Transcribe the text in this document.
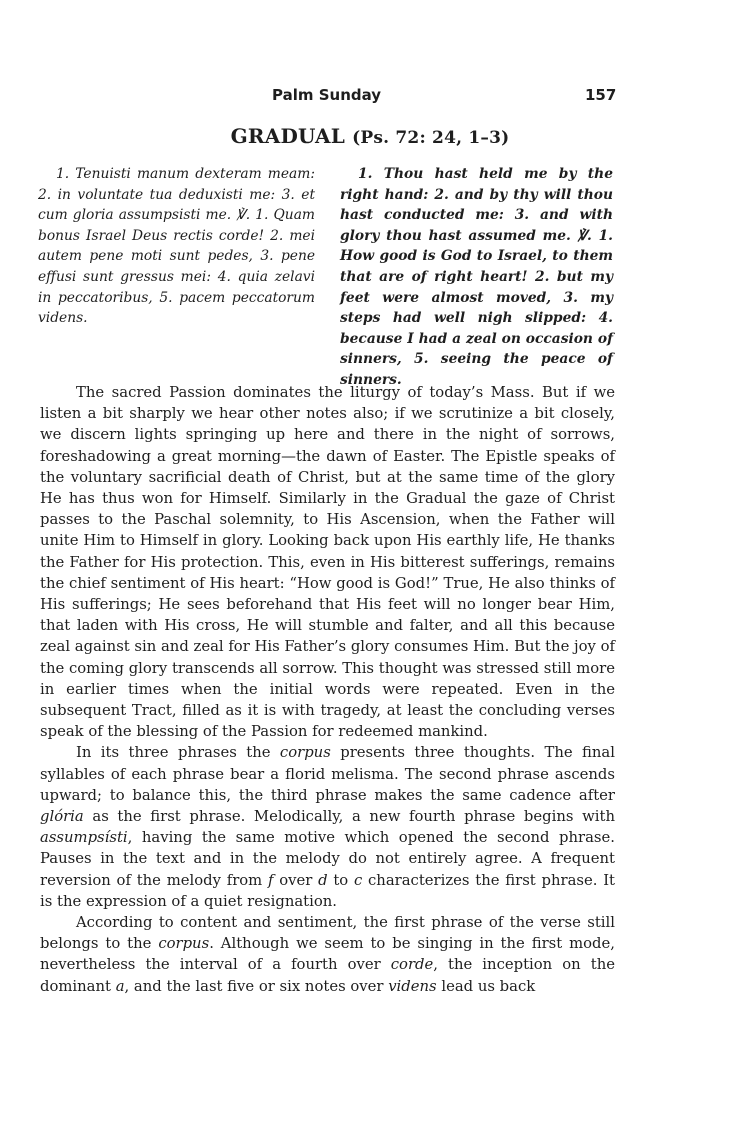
Palm Sunday	157
GRADUAL (Ps. 72: 24, 1–3)

1. Tenuisti manum dexteram meam: 2. in voluntate tua deduxisti me: 3. et cum gloria assumpsisti me. ℣. 1. Quam bonus Israel Deus rectis corde! 2. mei autem pene moti sunt pedes, 3. pene effusi sunt gressus mei: 4. quia zelavi in peccatoribus, 5. pacem peccatorum videns.

1. Thou hast held me by the right hand: 2. and by thy will thou hast conducted me: 3. and with glory thou hast assumed me. ℣. 1. How good is God to Israel, to them that are of right heart! 2. but my feet were almost moved, 3. my steps had well nigh slipped: 4. because I had a zeal on occasion of sinners, 5. seeing the peace of sinners.

The sacred Passion dominates the liturgy of today’s Mass. But if we listen a bit sharply we hear other notes also; if we scrutinize a bit closely, we discern lights springing up here and there in the night of sorrows, foreshadowing a great morning—the dawn of Easter. The Epistle speaks of the voluntary sacrificial death of Christ, but at the same time of the glory He has thus won for Himself. Similarly in the Gradual the gaze of Christ passes to the Paschal solemnity, to His Ascension, when the Father will unite Him to Himself in glory. Looking back upon His earthly life, He thanks the Father for His protection. This, even in His bitterest sufferings, remains the chief sentiment of His heart: “How good is God!” True, He also thinks of His sufferings; He sees beforehand that His feet will no longer bear Him, that laden with His cross, He will stumble and falter, and all this because zeal against sin and zeal for His Father’s glory consumes Him. But the joy of the coming glory transcends all sorrow. This thought was stressed still more in earlier times when the initial words were repeated. Even in the subsequent Tract, filled as it is with tragedy, at least the concluding verses speak of the blessing of the Passion for redeemed mankind.

In its three phrases the corpus presents three thoughts. The final syllables of each phrase bear a florid melisma. The second phrase ascends upward; to balance this, the third phrase makes the same cadence after glória as the first phrase. Melodically, a new fourth phrase begins with assumpsísti, having the same motive which opened the second phrase. Pauses in the text and in the melody do not entirely agree. A frequent reversion of the melody from f over d to c characterizes the first phrase. It is the expression of a quiet resignation.

According to content and sentiment, the first phrase of the verse still belongs to the corpus. Although we seem to be singing in the first mode, nevertheless the interval of a fourth over corde, the inception on the dominant a, and the last five or six notes over videns lead us back
